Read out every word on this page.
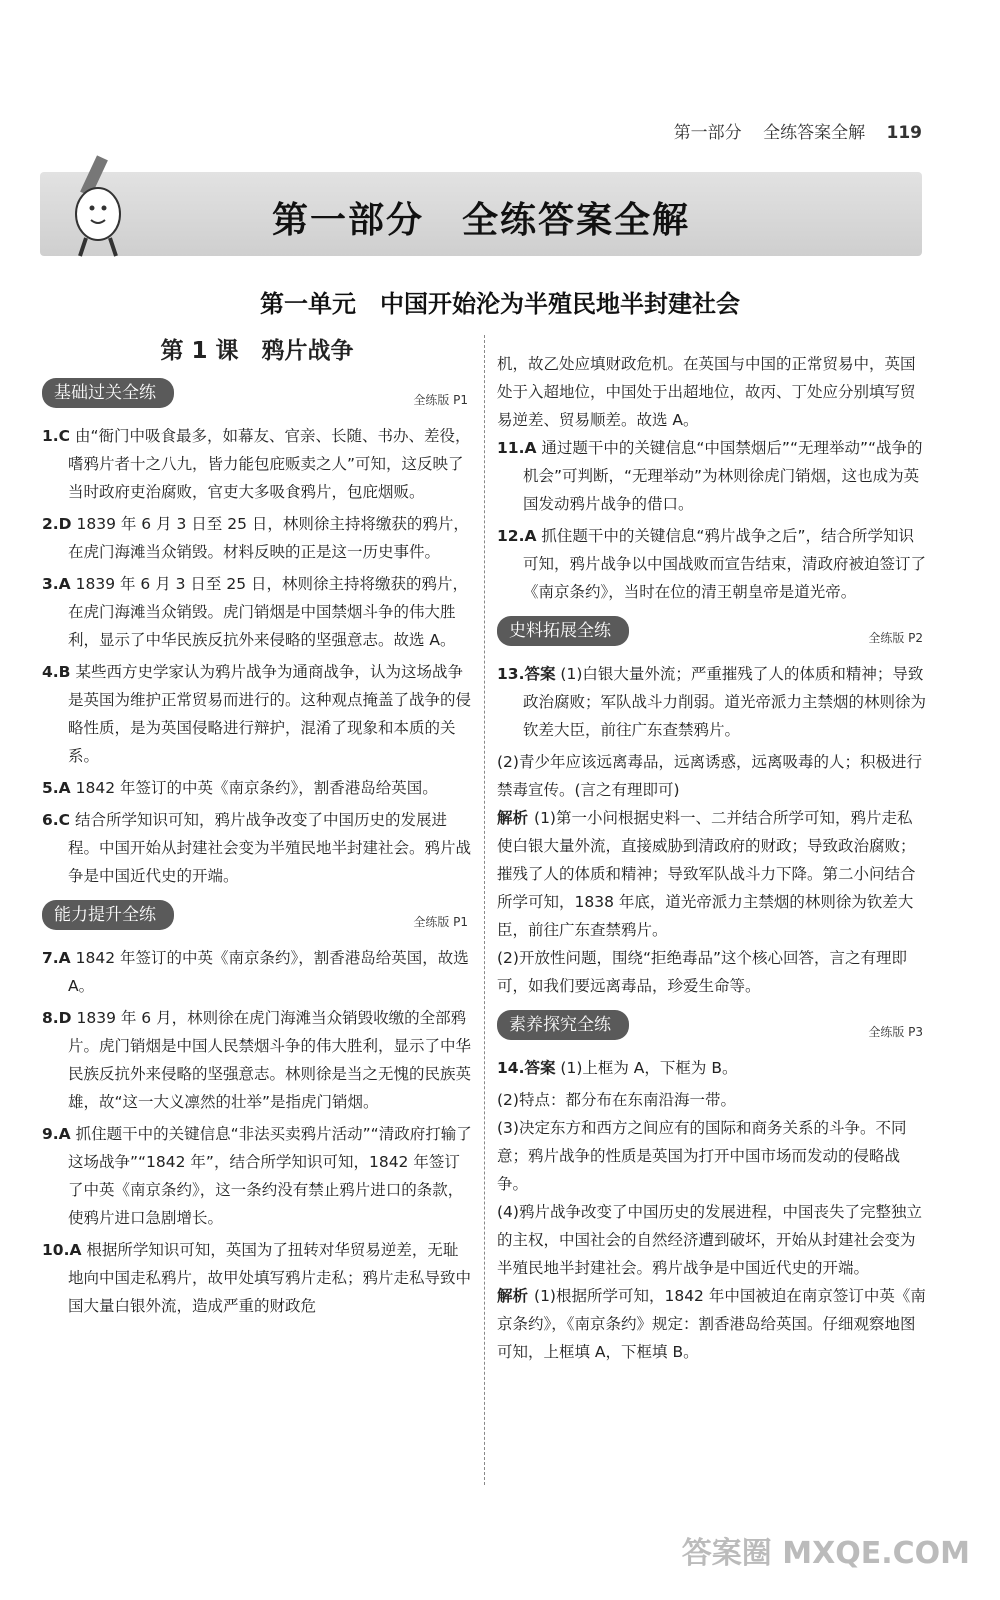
第一部分 全练答案全解 119
第一部分　全练答案全解
第一单元　中国开始沦为半殖民地半封建社会
第 1 课　鸦片战争
基础过关全练	全练版 P1
1.C 由“衙门中吸食最多，如幕友、官亲、长随、书办、差役，嗜鸦片者十之八九，皆力能包庇贩卖之人”可知，这反映了当时政府吏治腐败，官吏大多吸食鸦片，包庇烟贩。
2.D 1839 年 6 月 3 日至 25 日，林则徐主持将缴获的鸦片，在虎门海滩当众销毁。材料反映的正是这一历史事件。
3.A 1839 年 6 月 3 日至 25 日，林则徐主持将缴获的鸦片，在虎门海滩当众销毁。虎门销烟是中国禁烟斗争的伟大胜利，显示了中华民族反抗外来侵略的坚强意志。故选 A。
4.B 某些西方史学家认为鸦片战争为通商战争，认为这场战争是英国为维护正常贸易而进行的。这种观点掩盖了战争的侵略性质，是为英国侵略进行辩护，混淆了现象和本质的关系。
5.A 1842 年签订的中英《南京条约》，割香港岛给英国。
6.C 结合所学知识可知，鸦片战争改变了中国历史的发展进程。中国开始从封建社会变为半殖民地半封建社会。鸦片战争是中国近代史的开端。
能力提升全练	全练版 P1
7.A 1842 年签订的中英《南京条约》，割香港岛给英国，故选 A。
8.D 1839 年 6 月，林则徐在虎门海滩当众销毁收缴的全部鸦片。虎门销烟是中国人民禁烟斗争的伟大胜利，显示了中华民族反抗外来侵略的坚强意志。林则徐是当之无愧的民族英雄，故“这一大义凛然的壮举”是指虎门销烟。
9.A 抓住题干中的关键信息“非法买卖鸦片活动”“清政府打输了这场战争”“1842 年”，结合所学知识可知，1842 年签订了中英《南京条约》，这一条约没有禁止鸦片进口的条款，使鸦片进口急剧增长。
10.A 根据所学知识可知，英国为了扭转对华贸易逆差，无耻地向中国走私鸦片，故甲处填写鸦片走私；鸦片走私导致中国大量白银外流，造成严重的财政危

机，故乙处应填财政危机。在英国与中国的正常贸易中，英国处于入超地位，中国处于出超地位，故丙、丁处应分别填写贸易逆差、贸易顺差。故选 A。

11.A 通过题干中的关键信息“中国禁烟后”“无理举动”“战争的机会”可判断，“无理举动”为林则徐虎门销烟，这也成为英国发动鸦片战争的借口。
12.A 抓住题干中的关键信息“鸦片战争之后”，结合所学知识可知，鸦片战争以中国战败而宣告结束，清政府被迫签订了《南京条约》，当时在位的清王朝皇帝是道光帝。
史料拓展全练	全练版 P2
13.答案 (1)白银大量外流；严重摧残了人的体质和精神；导致政治腐败；军队战斗力削弱。道光帝派力主禁烟的林则徐为钦差大臣，前往广东查禁鸦片。

(2)青少年应该远离毒品，远离诱惑，远离吸毒的人；积极进行禁毒宣传。(言之有理即可)

解析 (1)第一小问根据史料一、二并结合所学可知，鸦片走私使白银大量外流，直接威胁到清政府的财政；导致政治腐败；摧残了人的体质和精神；导致军队战斗力下降。第二小问结合所学可知，1838 年底，道光帝派力主禁烟的林则徐为钦差大臣，前往广东查禁鸦片。

(2)开放性问题，围绕“拒绝毒品”这个核心回答，言之有理即可，如我们要远离毒品，珍爱生命等。

素养探究全练	全练版 P3
14.答案 (1)上框为 A，下框为 B。

(2)特点：都分布在东南沿海一带。

(3)决定东方和西方之间应有的国际和商务关系的斗争。不同意；鸦片战争的性质是英国为打开中国市场而发动的侵略战争。

(4)鸦片战争改变了中国历史的发展进程，中国丧失了完整独立的主权，中国社会的自然经济遭到破坏，开始从封建社会变为半殖民地半封建社会。鸦片战争是中国近代史的开端。

解析 (1)根据所学可知，1842 年中国被迫在南京签订中英《南京条约》，《南京条约》规定：割香港岛给英国。仔细观察地图可知，上框填 A，下框填 B。

答案圈 MXQE.COM
